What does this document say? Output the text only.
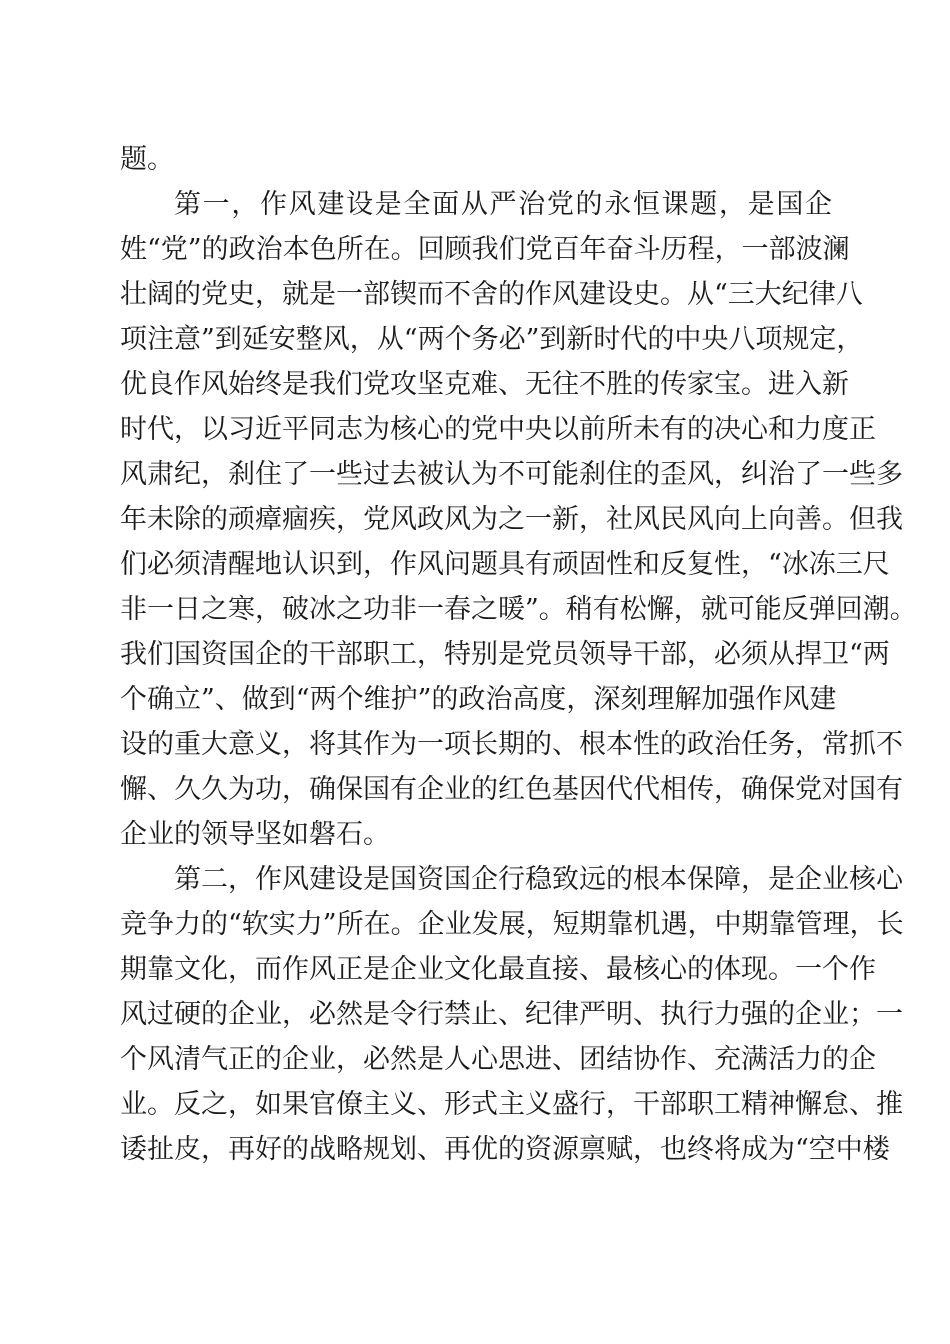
题。
第一，作风建设是全面从严治党的永恒课题，是国企
姓“党”的政治本色所在。回顾我们党百年奋斗历程，一部波澜
壮阔的党史，就是一部锲而不舍的作风建设史。从“三大纪律八
项注意”到延安整风，从“两个务必”到新时代的中央八项规定，
优良作风始终是我们党攻坚克难、无往不胜的传家宝。进入新
时代，以习近平同志为核心的党中央以前所未有的决心和力度正
风肃纪，刹住了一些过去被认为不可能刹住的歪风，纠治了一些多
年未除的顽瘴痼疾，党风政风为之一新，社风民风向上向善。但我
们必须清醒地认识到，作风问题具有顽固性和反复性，“冰冻三尺
非一日之寒，破冰之功非一春之暖”。稍有松懈，就可能反弹回潮。
我们国资国企的干部职工，特别是党员领导干部，必须从捍卫“两
个确立”、做到“两个维护”的政治高度，深刻理解加强作风建
设的重大意义，将其作为一项长期的、根本性的政治任务，常抓不
懈、久久为功，确保国有企业的红色基因代代相传，确保党对国有
企业的领导坚如磐石。
第二，作风建设是国资国企行稳致远的根本保障，是企业核心
竞争力的“软实力”所在。企业发展，短期靠机遇，中期靠管理，长
期靠文化，而作风正是企业文化最直接、最核心的体现。一个作
风过硬的企业，必然是令行禁止、纪律严明、执行力强的企业；一
个风清气正的企业，必然是人心思进、团结协作、充满活力的企
业。反之，如果官僚主义、形式主义盛行，干部职工精神懈怠、推
诿扯皮，再好的战略规划、再优的资源禀赋，也终将成为“空中楼
